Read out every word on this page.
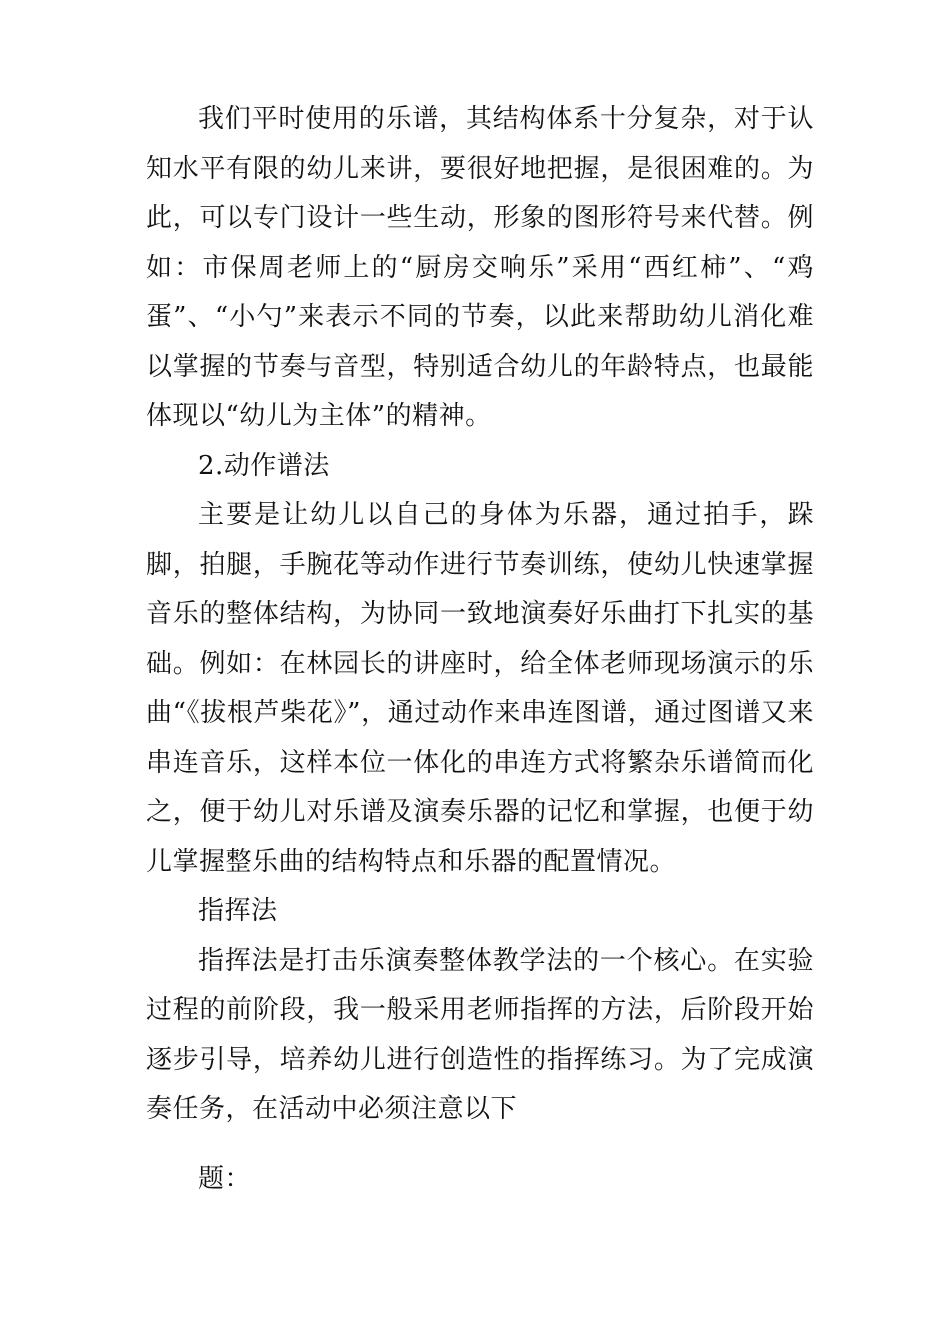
我们平时使用的乐谱，其结构体系十分复杂，对于认知水平有限的幼儿来讲，要很好地把握，是很困难的。为此，可以专门设计一些生动，形象的图形符号来代替。例如：市保周老师上的“厨房交响乐”采用“西红柿”、“鸡蛋”、“小勺”来表示不同的节奏，以此来帮助幼儿消化难以掌握的节奏与音型，特别适合幼儿的年龄特点，也最能体现以“幼儿为主体”的精神。

2.动作谱法

主要是让幼儿以自己的身体为乐器，通过拍手，跺脚，拍腿，手腕花等动作进行节奏训练，使幼儿快速掌握音乐的整体结构，为协同一致地演奏好乐曲打下扎实的基础。例如：在林园长的讲座时，给全体老师现场演示的乐曲“《拔根芦柴花》”，通过动作来串连图谱，通过图谱又来串连音乐，这样本位一体化的串连方式将繁杂乐谱简而化之，便于幼儿对乐谱及演奏乐器的记忆和掌握，也便于幼儿掌握整乐曲的结构特点和乐器的配置情况。

指挥法

指挥法是打击乐演奏整体教学法的一个核心。在实验过程的前阶段，我一般采用老师指挥的方法，后阶段开始逐步引导，培养幼儿进行创造性的指挥练习。为了完成演奏任务，在活动中必须注意以下

题：
